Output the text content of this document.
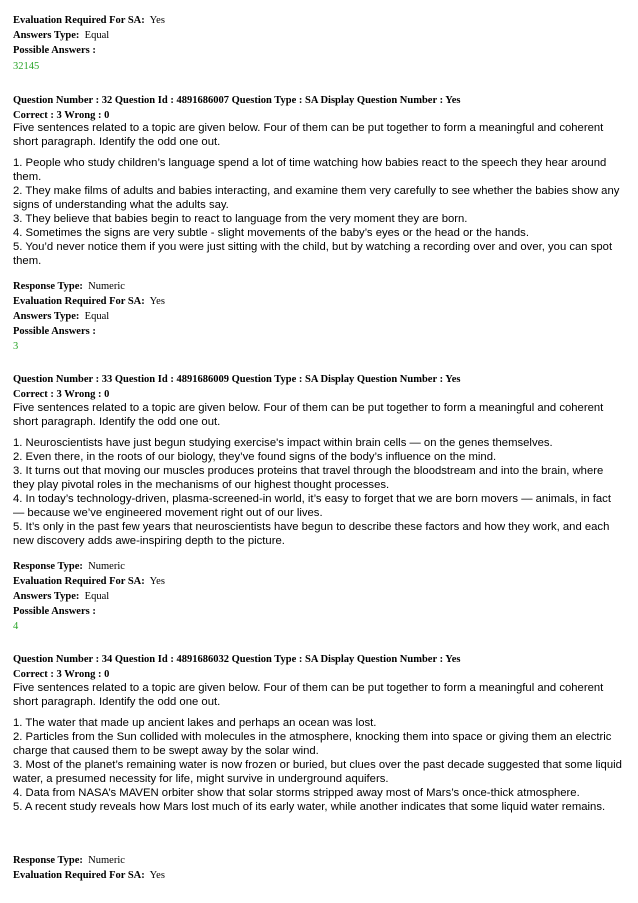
Evaluation Required For SA: Yes
Answers Type: Equal
Possible Answers :
32145
Question Number : 32 Question Id : 4891686007 Question Type : SA Display Question Number : Yes
Correct : 3 Wrong : 0

Five sentences related to a topic are given below. Four of them can be put together to form a meaningful and coherent short paragraph. Identify the odd one out.

1. People who study children’s language spend a lot of time watching how babies react to the speech they hear around them.

2. They make films of adults and babies interacting, and examine them very carefully to see whether the babies show any signs of understanding what the adults say.

3. They believe that babies begin to react to language from the very moment they are born.

4. Sometimes the signs are very subtle - slight movements of the baby’s eyes or the head or the hands.

5. You’d never notice them if you were just sitting with the child, but by watching a recording over and over, you can spot them.

Response Type: Numeric
Evaluation Required For SA: Yes
Answers Type: Equal
Possible Answers :
3
Question Number : 33 Question Id : 4891686009 Question Type : SA Display Question Number : Yes
Correct : 3 Wrong : 0

Five sentences related to a topic are given below. Four of them can be put together to form a meaningful and coherent short paragraph. Identify the odd one out.

1. Neuroscientists have just begun studying exercise's impact within brain cells — on the genes themselves.

2. Even there, in the roots of our biology, they’ve found signs of the body’s influence on the mind.

3. It turns out that moving our muscles produces proteins that travel through the bloodstream and into the brain, where they play pivotal roles in the mechanisms of our highest thought processes.

4. In today’s technology-driven, plasma-screened-in world, it’s easy to forget that we are born movers — animals, in fact — because we’ve engineered movement right out of our lives.

5. It’s only in the past few years that neuroscientists have begun to describe these factors and how they work, and each new discovery adds awe-inspiring depth to the picture.

Response Type: Numeric
Evaluation Required For SA: Yes
Answers Type: Equal
Possible Answers :
4
Question Number : 34 Question Id : 4891686032 Question Type : SA Display Question Number : Yes
Correct : 3 Wrong : 0

Five sentences related to a topic are given below. Four of them can be put together to form a meaningful and coherent short paragraph. Identify the odd one out.

1. The water that made up ancient lakes and perhaps an ocean was lost.

2. Particles from the Sun collided with molecules in the atmosphere, knocking them into space or giving them an electric charge that caused them to be swept away by the solar wind.

3. Most of the planet’s remaining water is now frozen or buried, but clues over the past decade suggested that some liquid water, a presumed necessity for life, might survive in underground aquifers.

4. Data from NASA’s MAVEN orbiter show that solar storms stripped away most of Mars’s once-thick atmosphere.

5. A recent study reveals how Mars lost much of its early water, while another indicates that some liquid water remains.

Response Type: Numeric
Evaluation Required For SA: Yes
